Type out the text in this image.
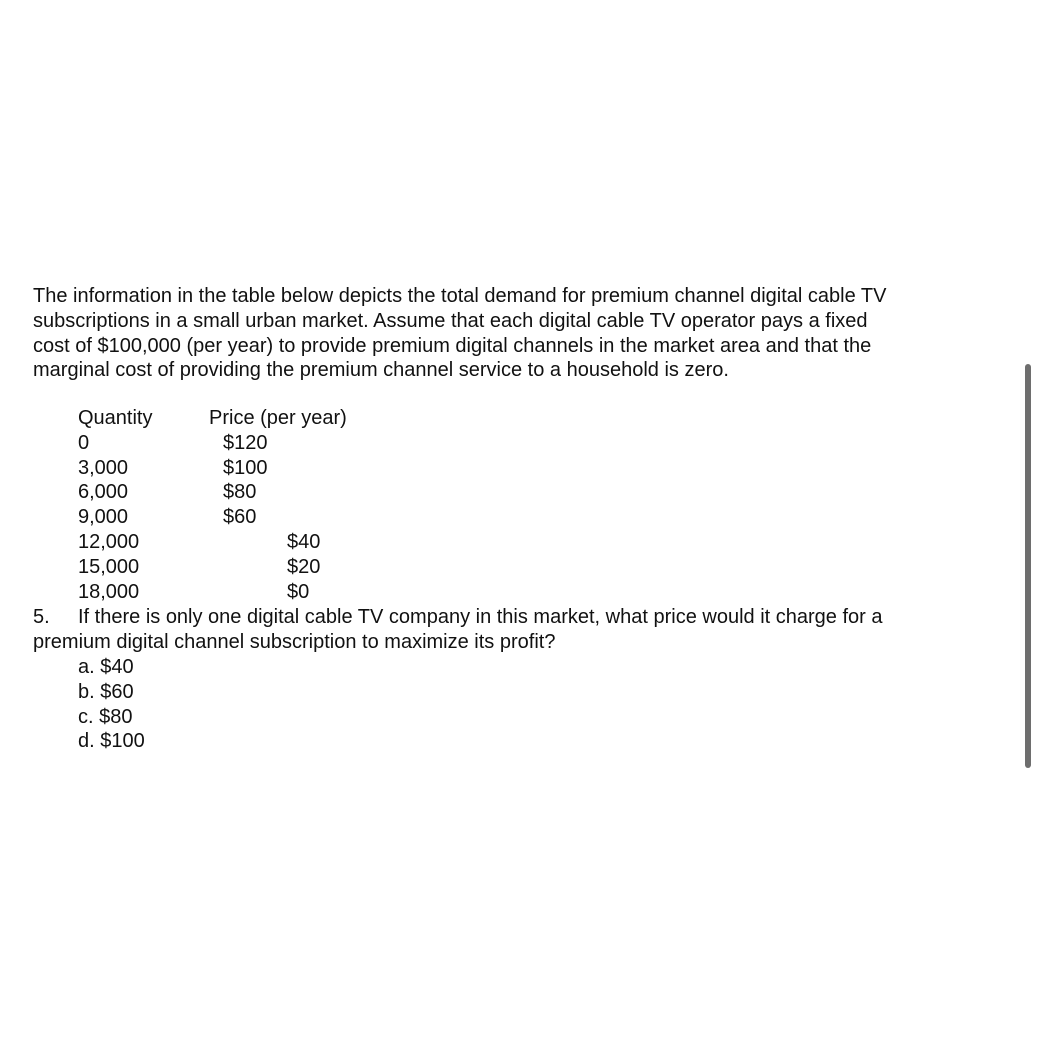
The information in the table below depicts the total demand for premium channel digital cable TV
subscriptions in a small urban market. Assume that each digital cable TV operator pays a fixed
cost of $100,000 (per year) to provide premium digital channels in the market area and that the
marginal cost of providing the premium channel service to a household is zero.
Quantity	Price (per year)
0	$120
3,000	$100
6,000	$80
9,000	$60
12,000	$40
15,000	$20
18,000	$0
5. If there is only one digital cable TV company in this market, what price would it charge for a
premium digital channel subscription to maximize its profit?
a. $40
b. $60
c. $80
d. $100
